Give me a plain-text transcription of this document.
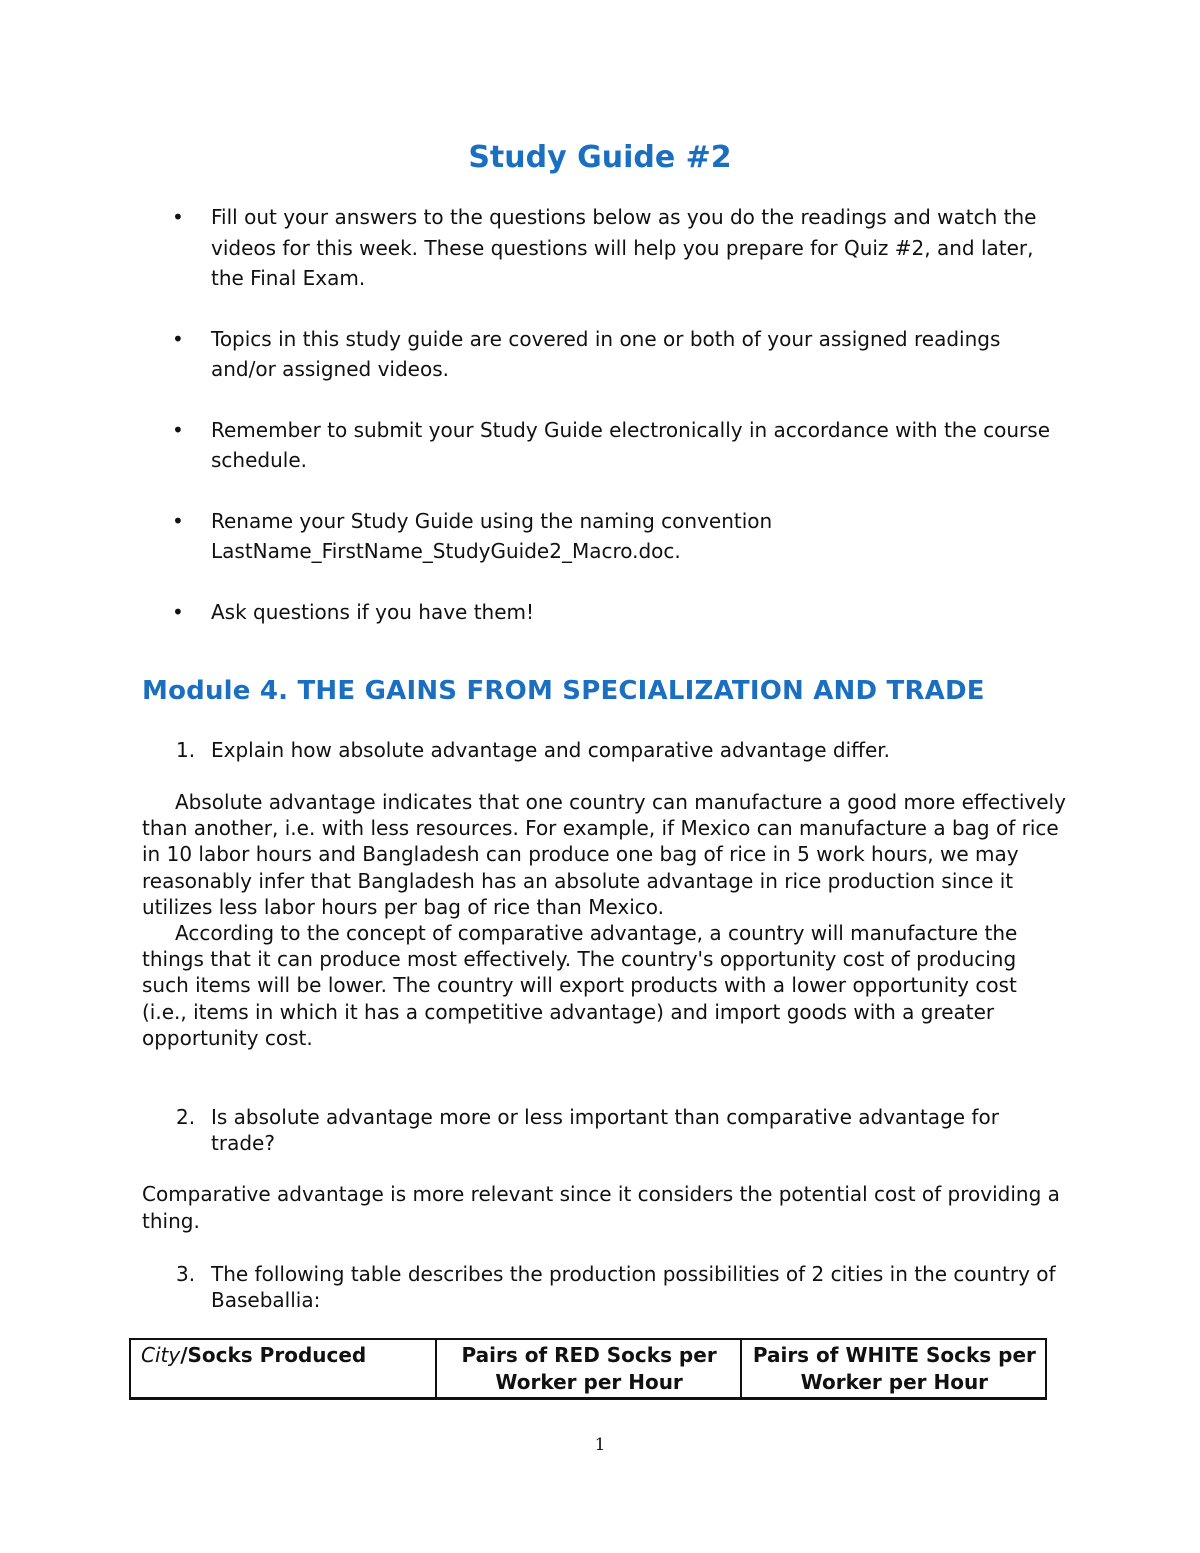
Study Guide #2
• Fill out your answers to the questions below as you do the readings and watch the videos for this week. These questions will help you prepare for Quiz #2, and later, the Final Exam.
• Topics in this study guide are covered in one or both of your assigned readings and/or assigned videos.
• Remember to submit your Study Guide electronically in accordance with the course schedule.
• Rename your Study Guide using the naming convention LastName_FirstName_StudyGuide2_Macro.doc.
• Ask questions if you have them!
Module 4. THE GAINS FROM SPECIALIZATION AND TRADE
1. Explain how absolute advantage and comparative advantage differ.

Absolute advantage indicates that one country can manufacture a good more effectively than another, i.e. with less resources. For example, if Mexico can manufacture a bag of rice in 10 labor hours and Bangladesh can produce one bag of rice in 5 work hours, we may reasonably infer that Bangladesh has an absolute advantage in rice production since it utilizes less labor hours per bag of rice than Mexico.

According to the concept of comparative advantage, a country will manufacture the things that it can produce most effectively. The country's opportunity cost of producing such items will be lower. The country will export products with a lower opportunity cost (i.e., items in which it has a competitive advantage) and import goods with a greater opportunity cost.

2. Is absolute advantage more or less important than comparative advantage for trade?
Comparative advantage is more relevant since it considers the potential cost of providing a thing.
3. The following table describes the production possibilities of 2 cities in the country of Baseballia:
City/Socks Produced	Pairs of RED Socks per Worker per Hour	Pairs of WHITE Socks per Worker per Hour
1
